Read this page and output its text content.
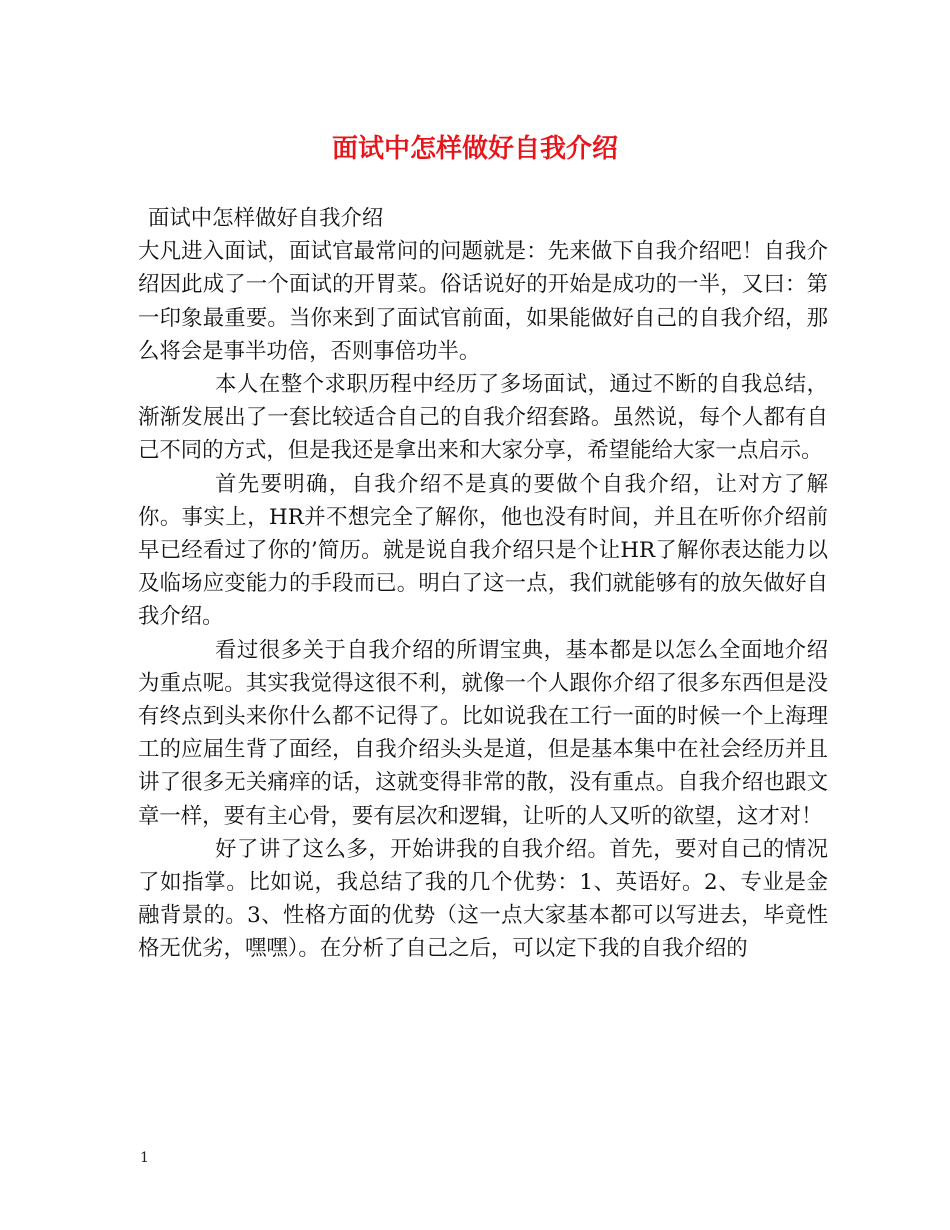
面试中怎样做好自我介绍

面试中怎样做好自我介绍

大凡进入面试，面试官最常问的问题就是：先来做下自我介绍吧！自我介绍因此成了一个面试的开胃菜。俗话说好的开始是成功的一半，又曰：第一印象最重要。当你来到了面试官前面，如果能做好自己的自我介绍，那么将会是事半功倍，否则事倍功半。

本人在整个求职历程中经历了多场面试，通过不断的自我总结，渐渐发展出了一套比较适合自己的自我介绍套路。虽然说，每个人都有自己不同的方式，但是我还是拿出来和大家分享，希望能给大家一点启示。

首先要明确，自我介绍不是真的要做个自我介绍，让对方了解你。事实上，HR并不想完全了解你，他也没有时间，并且在听你介绍前早已经看过了你的’简历。就是说自我介绍只是个让HR了解你表达能力以及临场应变能力的手段而已。明白了这一点，我们就能够有的放矢做好自我介绍。

看过很多关于自我介绍的所谓宝典，基本都是以怎么全面地介绍为重点呢。其实我觉得这很不利，就像一个人跟你介绍了很多东西但是没有终点到头来你什么都不记得了。比如说我在工行一面的时候一个上海理工的应届生背了面经，自我介绍头头是道，但是基本集中在社会经历并且讲了很多无关痛痒的话，这就变得非常的散，没有重点。自我介绍也跟文章一样，要有主心骨，要有层次和逻辑，让听的人又听的欲望，这才对！

好了讲了这么多，开始讲我的自我介绍。首先，要对自己的情况了如指掌。比如说，我总结了我的几个优势：1、英语好。2、专业是金融背景的。3、性格方面的优势（这一点大家基本都可以写进去，毕竟性格无优劣，嘿嘿）。在分析了自己之后，可以定下我的自我介绍的

1
